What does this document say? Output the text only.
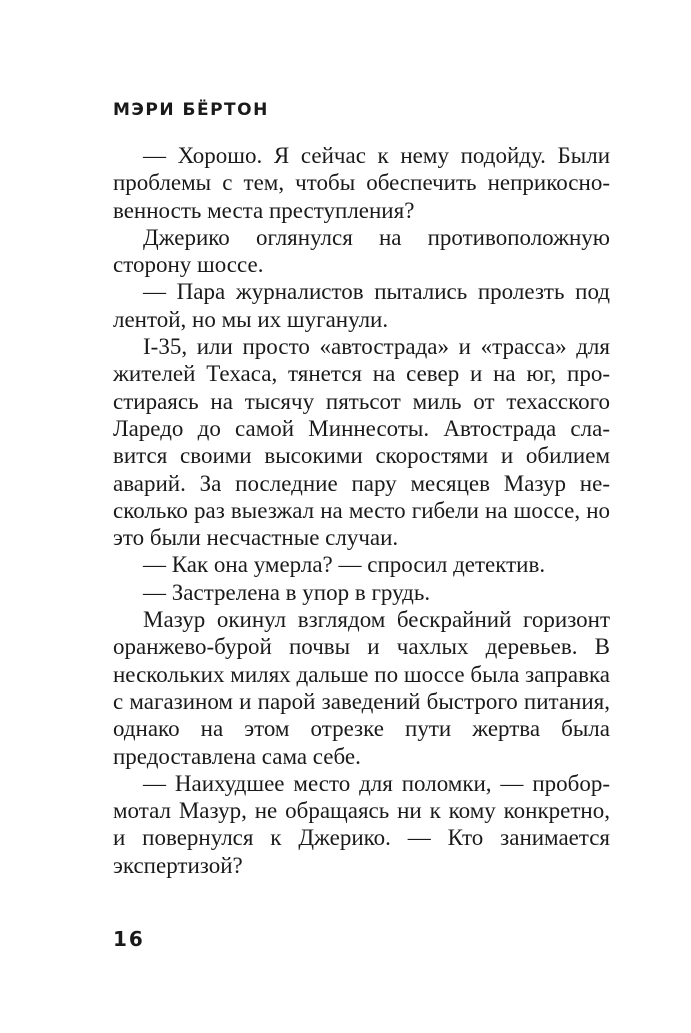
МЭРИ БЁРТОН

— Хорошо. Я сейчас к нему подойду. Были проблемы с тем, чтобы обеспечить неприкосновенность места преступления?

Джерико оглянулся на противоположную сторону шоссе.

— Пара журналистов пытались пролезть под лентой, но мы их шуганули.

I-35, или просто «автострада» и «трасса» для жителей Техаса, тянется на север и на юг, простираясь на тысячу пятьсот миль от техасского Ларедо до самой Миннесоты. Автострада славится своими высокими скоростями и обилием аварий. За последние пару месяцев Мазур несколько раз выезжал на место гибели на шоссе, но это были несчастные случаи.

— Как она умерла? — спросил детектив.

— Застрелена в упор в грудь.

Мазур окинул взглядом бескрайний горизонт оранжево-бурой почвы и чахлых деревьев. В нескольких милях дальше по шоссе была заправка с магазином и парой заведений быстрого питания, однако на этом отрезке пути жертва была предоставлена сама себе.

— Наихудшее место для поломки, — пробормотал Мазур, не обращаясь ни к кому конкретно, и повернулся к Джерико. — Кто занимается экспертизой?

16
